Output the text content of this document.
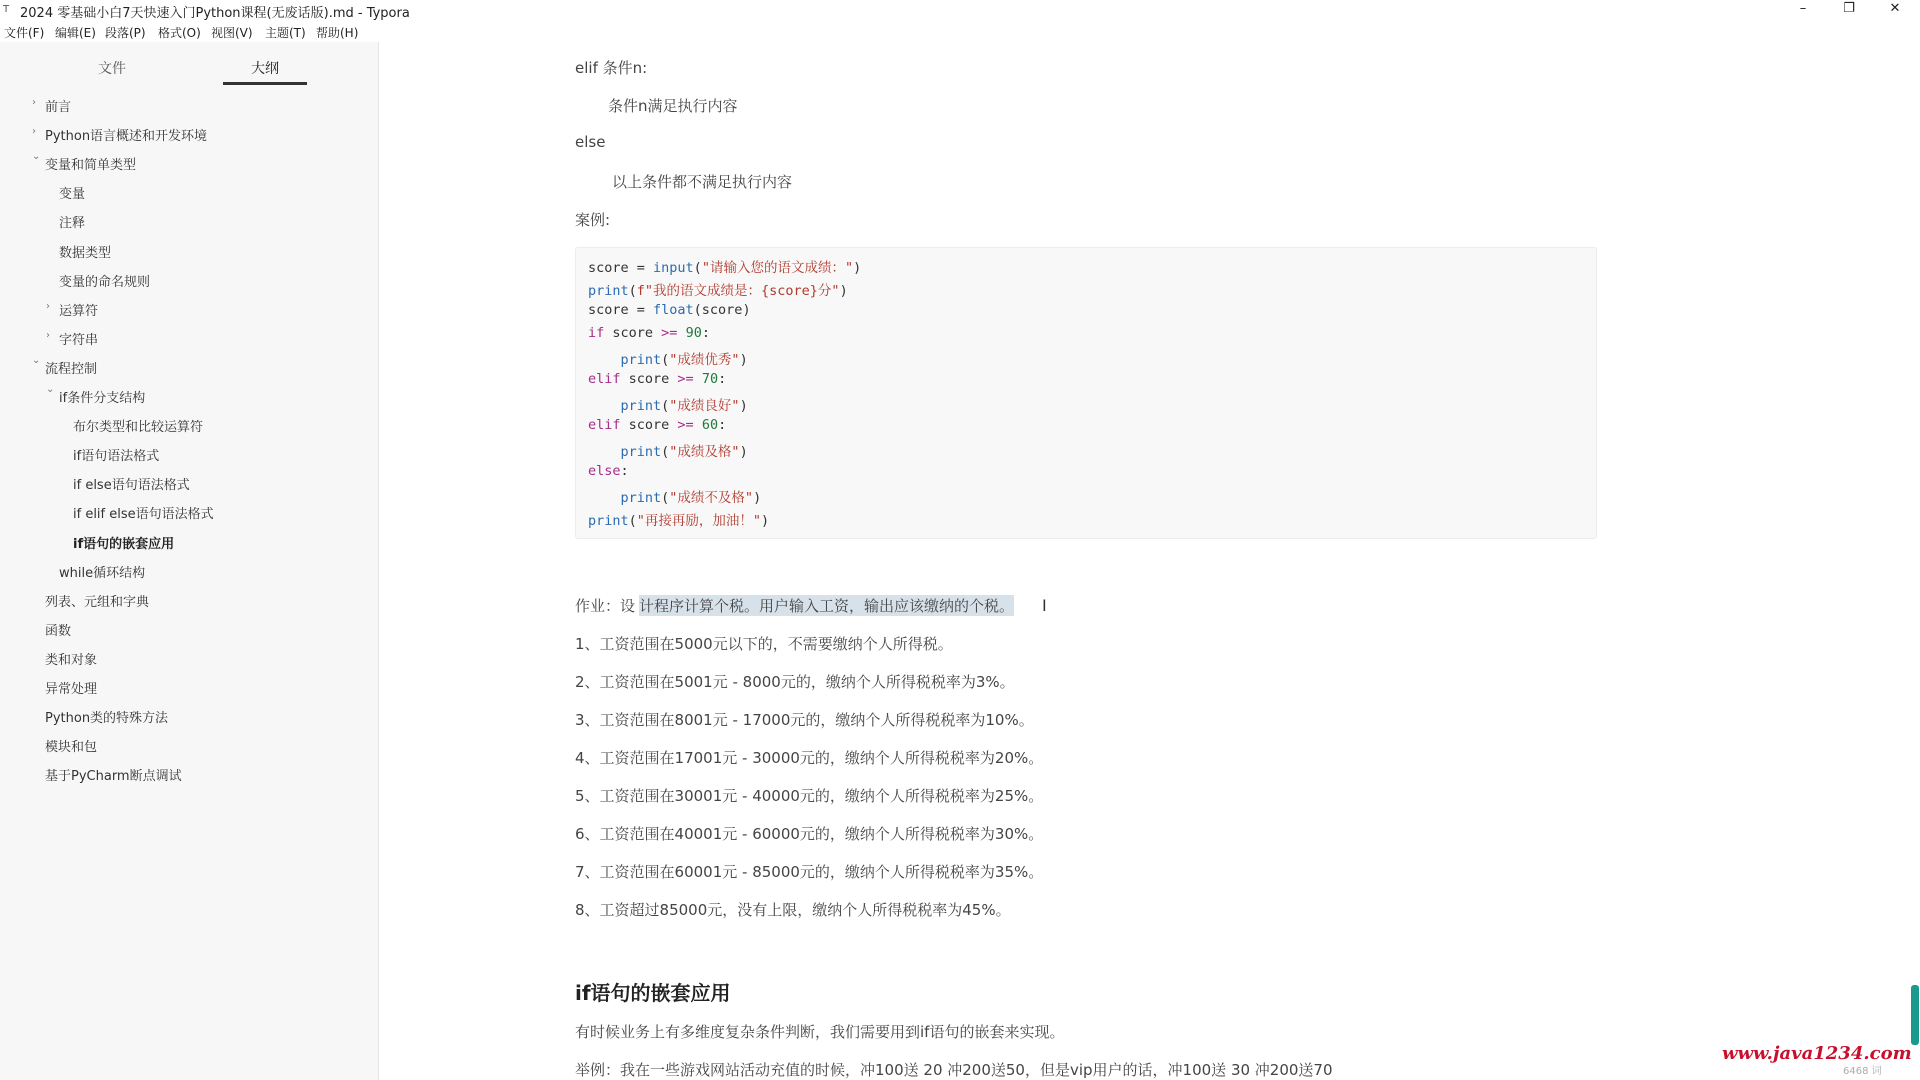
T 2024 零基础小白7天快速入门Python课程(无废话版).md - Typora	–	❐	✕
文件(F) 编辑(E) 段落(P) 格式(O) 视图(V) 主题(T) 帮助(H)
文件	大纲
› 前言
› Python语言概述和开发环境
⌄
变量和简单类型
变量
注释
数据类型
变量的命名规则
› 运算符
› 字符串
⌄
流程控制
⌄
if条件分支结构
布尔类型和比较运算符
if语句语法格式
if else语句语法格式
if elif else语句语法格式
if语句的嵌套应用
while循环结构
列表、元组和字典
函数
类和对象
异常处理
Python类的特殊方法
模块和包
基于PyCharm断点调试
elif 条件n:
条件n满足执行内容
else
以上条件都不满足执行内容
案例:
score = input("请输入您的语文成绩：")
print(f"我的语文成绩是：{score}分")
score = float(score)
if score >= 90:
print("成绩优秀")
elif score >= 70:
print("成绩良好")
elif score >= 60:
print("成绩及格")
else:
print("成绩不及格")
print("再接再励，加油！")
作业：设 计程序计算个税。用户输入工资，输出应该缴纳的个税。 I
1、工资范围在5000元以下的，不需要缴纳个人所得税。
2、工资范围在5001元 - 8000元的，缴纳个人所得税税率为3%。
3、工资范围在8001元 - 17000元的，缴纳个人所得税税率为10%。
4、工资范围在17001元 - 30000元的，缴纳个人所得税税率为20%。
5、工资范围在30001元 - 40000元的，缴纳个人所得税税率为25%。
6、工资范围在40001元 - 60000元的，缴纳个人所得税税率为30%。
7、工资范围在60001元 - 85000元的，缴纳个人所得税税率为35%。
8、工资超过85000元，没有上限，缴纳个人所得税税率为45%。
if语句的嵌套应用
有时候业务上有多维度复杂条件判断，我们需要用到if语句的嵌套来实现。
举例：我在一些游戏网站活动充值的时候，冲100送 20 冲200送50，但是vip用户的话，冲100送 30 冲200送70	6468 词
www.java1234.com
